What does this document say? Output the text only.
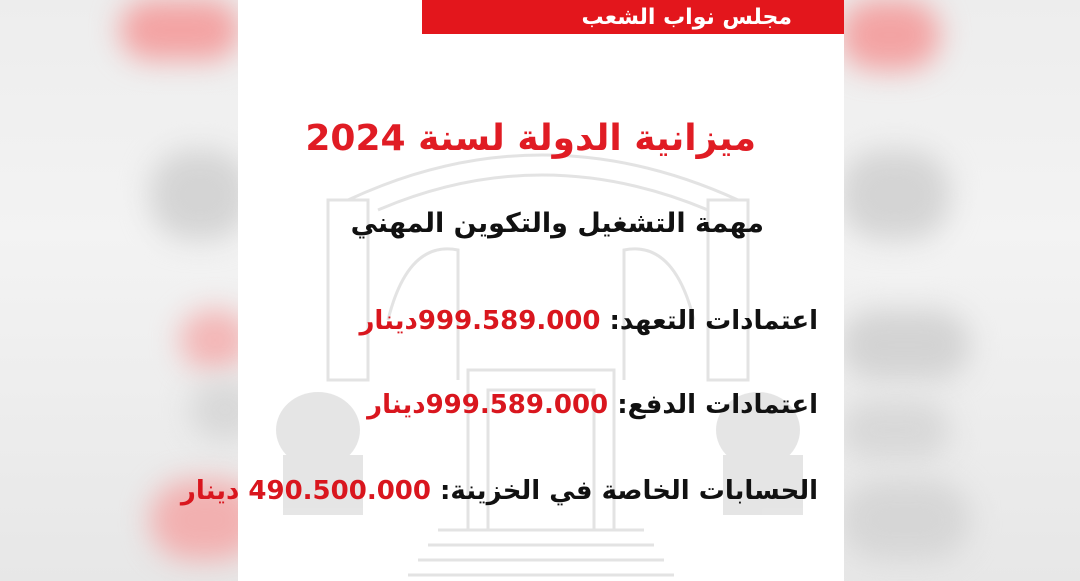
مجلس نواب الشعب
ميزانية الدولة لسنة 2024
مهمة التشغيل والتكوين المهني
اعتمادات التعهد: 999.589.000دينار
اعتمادات الدفع: 999.589.000دينار
الحسابات الخاصة في الخزينة: 490.500.000 دينار
